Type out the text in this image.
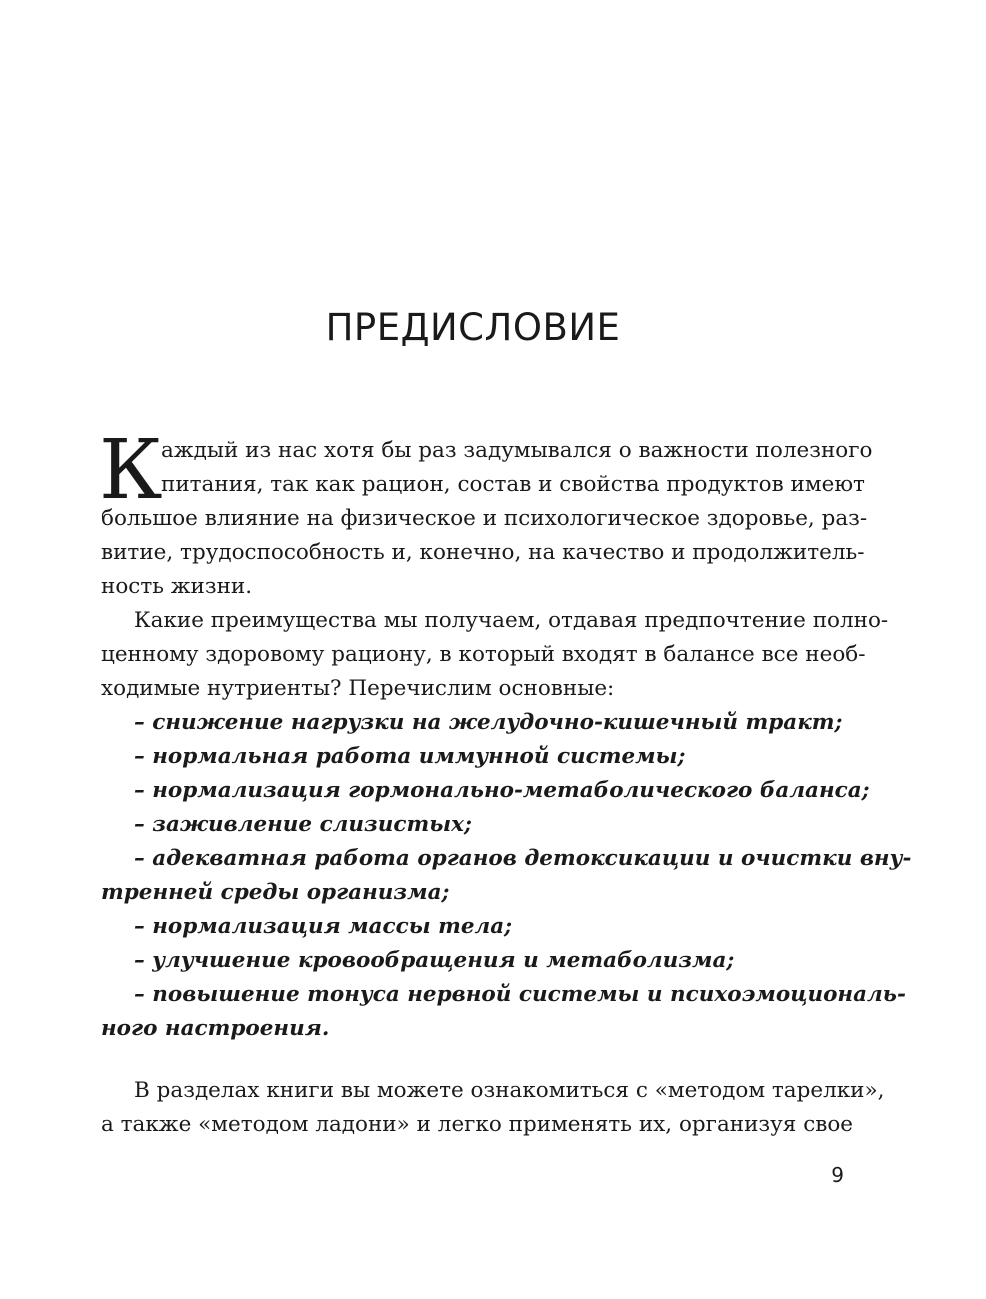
ПРЕДИСЛОВИЕ
К
аждый из нас хотя бы раз задумывался о важности полезного
питания, так как рацион, состав и свойства продуктов имеют
большое влияние на физическое и психологическое здоровье, раз-
витие, трудоспособность и, конечно, на качество и продолжитель-
ность жизни.
Какие преимущества мы получаем, отдавая предпочтение полно-
ценному здоровому рациону, в который входят в балансе все необ-
ходимые нутриенты? Перечислим основные:
– снижение нагрузки на желудочно-кишечный тракт;
– нормальная работа иммунной системы;
– нормализация гормонально-метаболического баланса;
– заживление слизистых;
– адекватная работа органов детоксикации и очистки вну-
тренней среды организма;
– нормализация массы тела;
– улучшение кровообращения и метаболизма;
– повышение тонуса нервной системы и психоэмоциональ-
ного настроения.
В разделах книги вы можете ознакомиться с «методом тарелки»,
а также «методом ладони» и легко применять их, организуя свое
9
